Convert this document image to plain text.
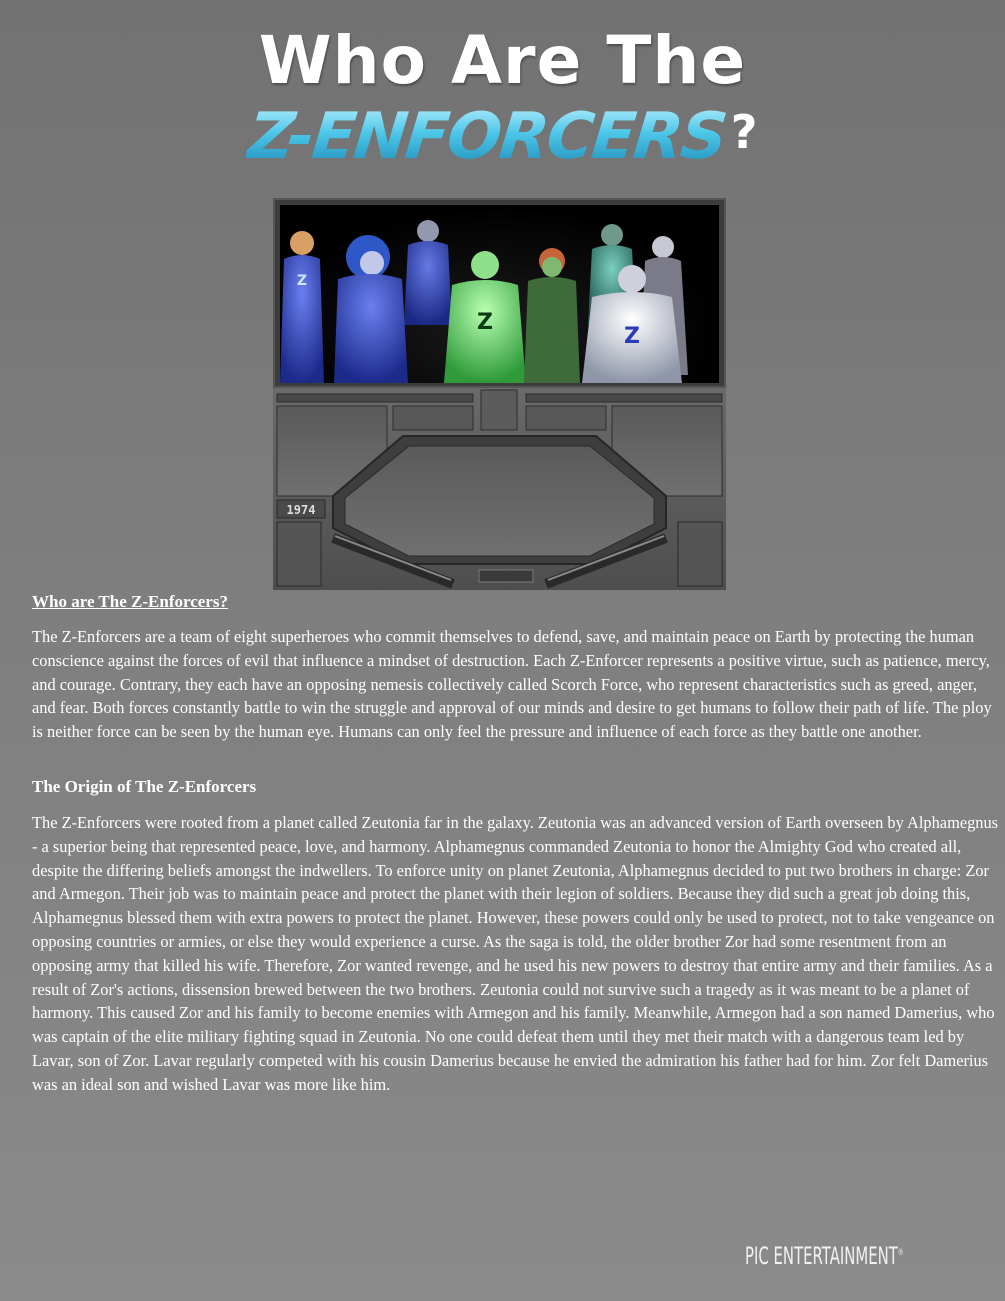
Who Are The
Z-ENFORCERS?
Z
Z
Z
1974
Who are The Z-Enforcers?

The Z-Enforcers are a team of eight superheroes who commit themselves to defend, save, and maintain peace on Earth by protecting the human conscience against the forces of evil that influence a mindset of destruction. Each Z-Enforcer represents a positive virtue, such as patience, mercy, and courage. Contrary, they each have an opposing nemesis collectively called Scorch Force, who represent characteristics such as greed, anger, and fear. Both forces constantly battle to win the struggle and approval of our minds and desire to get humans to follow their path of life. The ploy is neither force can be seen by the human eye. Humans can only feel the pressure and influence of each force as they battle one another.

The Origin of The Z-Enforcers

The Z-Enforcers were rooted from a planet called Zeutonia far in the galaxy. Zeutonia was an advanced version of Earth overseen by Alphamegnus - a superior being that represented peace, love, and harmony. Alphamegnus commanded Zeutonia to honor the Almighty God who created all, despite the differing beliefs amongst the indwellers. To enforce unity on planet Zeutonia, Alphamegnus decided to put two brothers in charge: Zor and Armegon. Their job was to maintain peace and protect the planet with their legion of soldiers. Because they did such a great job doing this, Alphamegnus blessed them with extra powers to protect the planet. However, these powers could only be used to protect, not to take vengeance on opposing countries or armies, or else they would experience a curse. As the saga is told, the older brother Zor had some resentment from an opposing army that killed his wife. Therefore, Zor wanted revenge, and he used his new powers to destroy that entire army and their families. As a result of Zor's actions, dissension brewed between the two brothers. Zeutonia could not survive such a tragedy as it was meant to be a planet of harmony. This caused Zor and his family to become enemies with Armegon and his family. Meanwhile, Armegon had a son named Damerius, who was captain of the elite military fighting squad in Zeutonia. No one could defeat them until they met their match with a dangerous team led by Lavar, son of Zor. Lavar regularly competed with his cousin Damerius because he envied the admiration his father had for him. Zor felt Damerius was an ideal son and wished Lavar was more like him.

PIC ENTERTAINMENT®
